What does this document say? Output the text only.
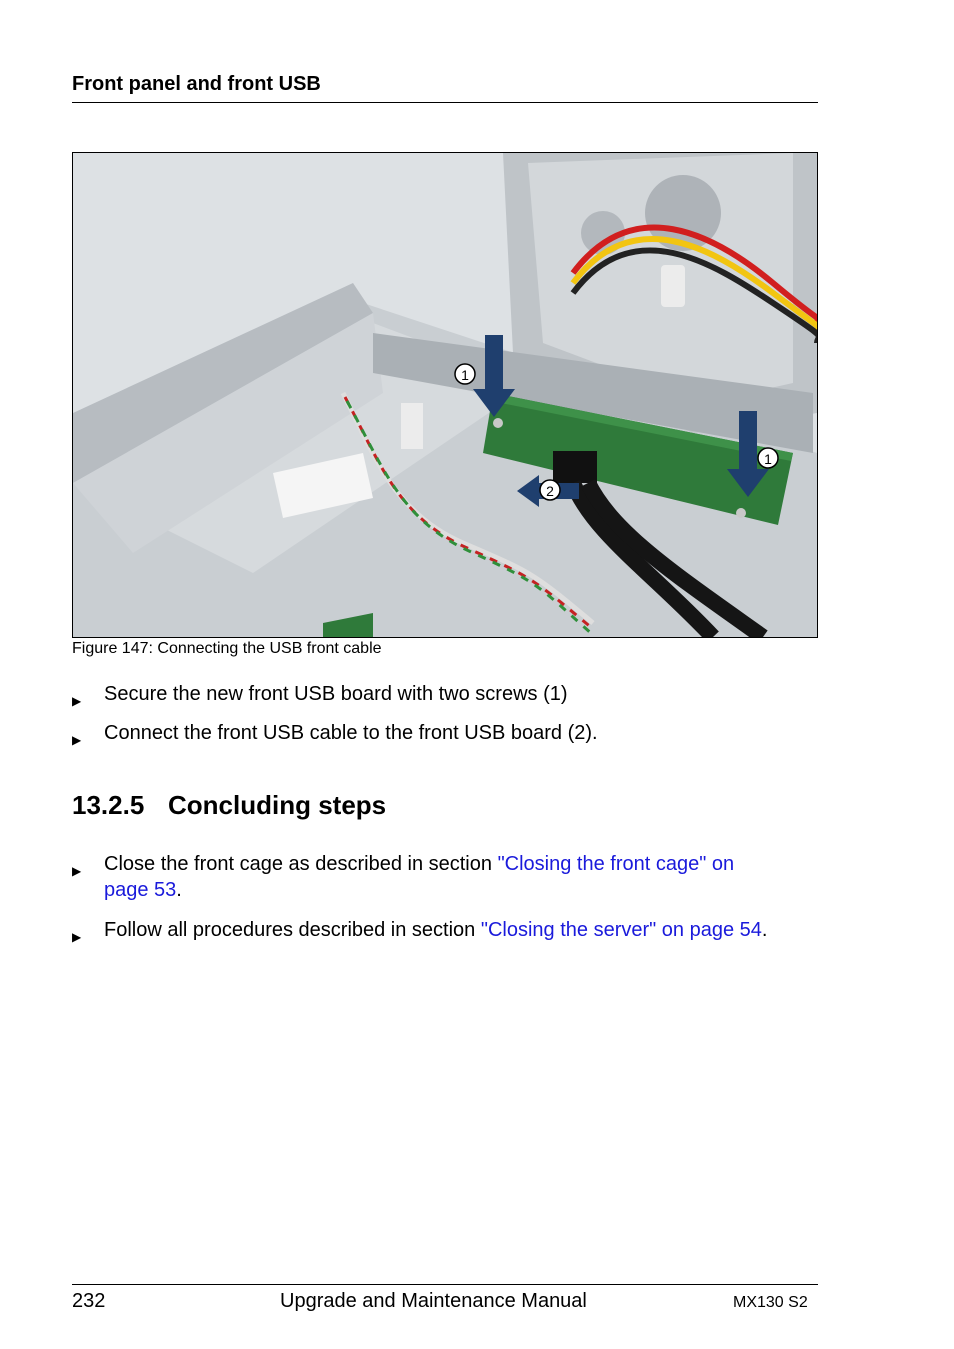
Front panel and front USB
1
1
2
Figure 147: Connecting the USB front cable
▶ Secure the new front USB board with two screws (1)
▶ Connect the front USB cable to the front USB board (2).
13.2.5 Concluding steps
▶ Close the front cage as described in section "Closing the front cage" on
page 53.
▶ Follow all procedures described in section "Closing the server" on page 54.
232	Upgrade and Maintenance Manual	MX130 S2
